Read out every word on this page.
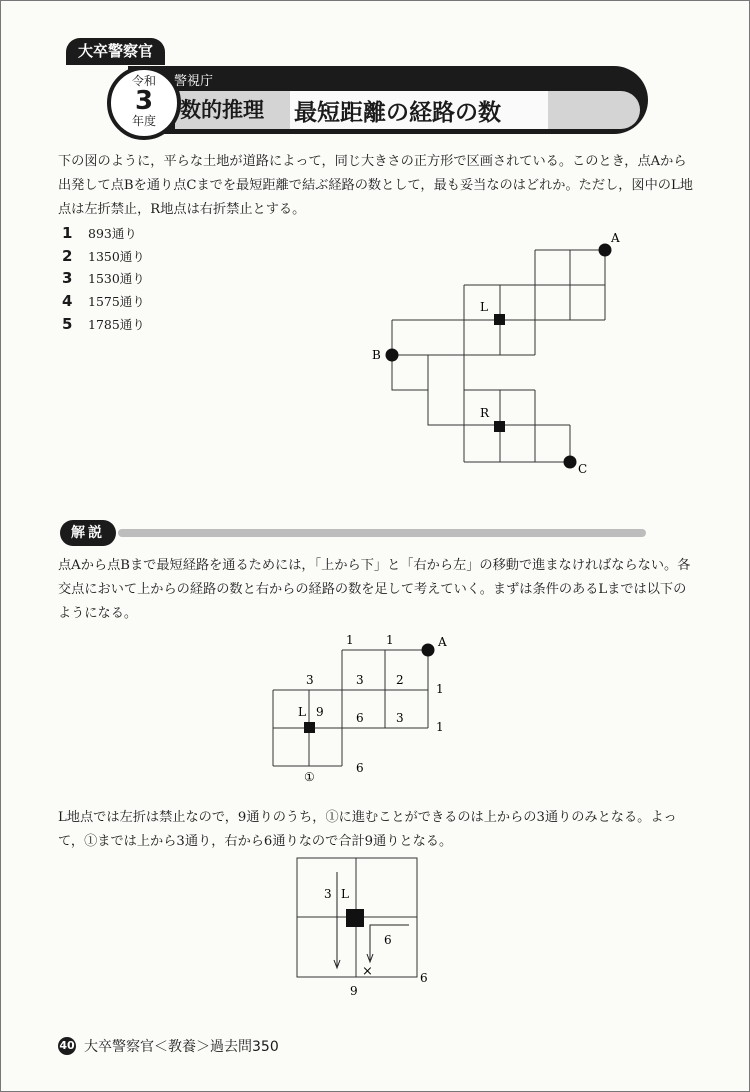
大卒警察官
令和
3
年度
警視庁
数的推理 最短距離の経路の数

下の図のように，平らな土地が道路によって，同じ大きさの正方形で区画されている。このとき，点Aから出発して点Bを通り点Cまでを最短距離で結ぶ経路の数として，最も妥当なのはどれか。ただし，図中のL地点は左折禁止，R地点は右折禁止とする。

1	893通り
2	1350通り
3	1530通り
4	1575通り
5	1785通り
A
B
C
L
R
解説

点Aから点Bまで最短経路を通るためには，「上から下」と「右から左」の移動で進まなければならない。各交点において上からの経路の数と右からの経路の数を足して考えていく。まずは条件のあるLまでは以下のようになる。

1	1	A
3	3	2
1
L 9	6	3
1
①
6

L地点では左折は禁止なので，9通りのうち，①に進むことができるのは上からの3通りのみとなる。よって，①までは上から3通り，右から6通りなので合計9通りとなる。

3 L
6
×
9
6
40 大卒警察官＜教養＞過去問350
